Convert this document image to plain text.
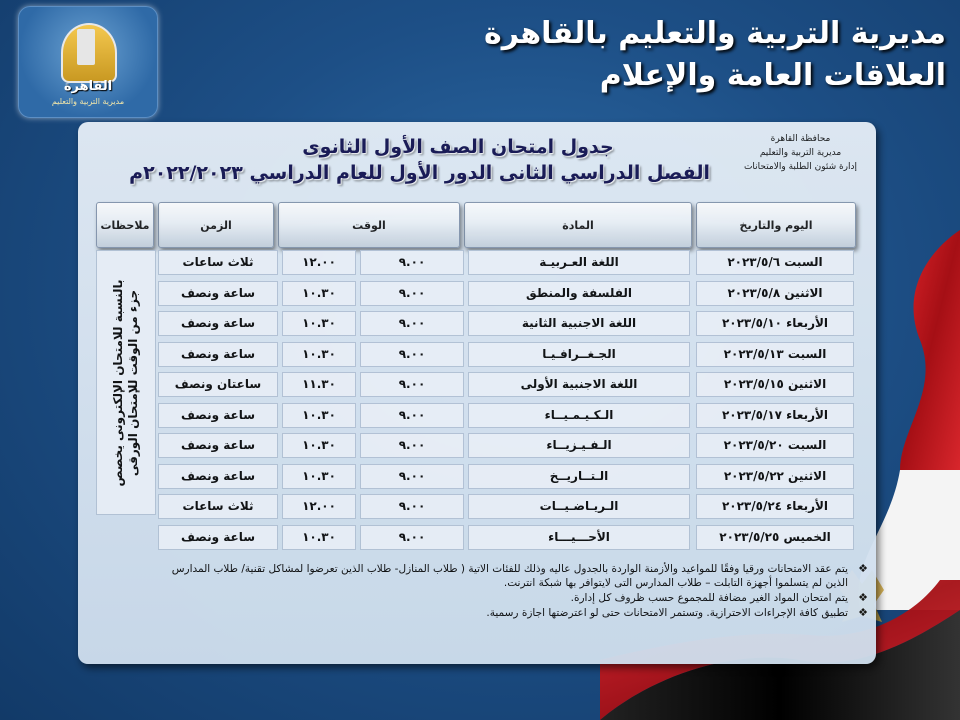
مديرية التربية والتعليم بالقاهرة
العلاقات العامة والإعلام
القاهرة
مديرية التربية والتعليم
محافظة القاهرة
مديرية التربية والتعليم
إدارة شئون الطلبة والامتحانات
جدول امتحان الصف الأول الثانوى
الفصل الدراسي الثانى الدور الأول للعام الدراسي ٢٠٢٢/٢٠٢٣م
اليوم والتاريخ
المادة
الوقت
الزمن
ملاحظات
السبت ٢٠٢٣/٥/٦
اللغة العـربيـة
٩.٠٠
١٢.٠٠
ثلاث ساعات
الاثنين ٢٠٢٣/٥/٨
الفلسفة والمنطق
٩.٠٠
١٠.٣٠
ساعة ونصف
الأربعاء ٢٠٢٣/٥/١٠
اللغة الاجنبية الثانية
٩.٠٠
١٠.٣٠
ساعة ونصف
السبت ٢٠٢٣/٥/١٣
الجـغــرافـيـا
٩.٠٠
١٠.٣٠
ساعة ونصف
الاثنين ٢٠٢٣/٥/١٥
اللغة الاجنبية الأولى
٩.٠٠
١١.٣٠
ساعتان ونصف
الأربعاء ٢٠٢٣/٥/١٧
الـكـيـمـيــاء
٩.٠٠
١٠.٣٠
ساعة ونصف
السبت ٢٠٢٣/٥/٢٠
الـفـيـزيــاء
٩.٠٠
١٠.٣٠
ساعة ونصف
الاثنين ٢٠٢٣/٥/٢٢
الـتــاريــخ
٩.٠٠
١٠.٣٠
ساعة ونصف
الأربعاء ٢٠٢٣/٥/٢٤
الـريـاضـيــات
٩.٠٠
١٢.٠٠
ثلاث ساعات
الخميس ٢٠٢٣/٥/٢٥
الأحـــيـــاء
٩.٠٠
١٠.٣٠
ساعة ونصف
بالنسبة للامتحان الإلكترونى يخصص جزء من الوقت للإمتحان الورقى
❖
يتم عقد الامتحانات ورقيا وفقًا للمواعيد والأزمنة الواردة بالجدول عاليه وذلك للفئات الاتية ( طلاب المنازل- طلاب الذين تعرضوا لمشاكل تقنية/ طلاب المدارس الذين لم يتسلموا أجهزة التابلت – طلاب المدارس التى لايتوافر بها شبكة انترنت.
❖
يتم امتحان المواد الغير مضافة للمجموع حسب ظروف كل إدارة.
❖
تطبيق كافة الإجراءات الاحترازية. وتستمر الامتحانات حتى لو اعترضتها اجازة رسمية.
